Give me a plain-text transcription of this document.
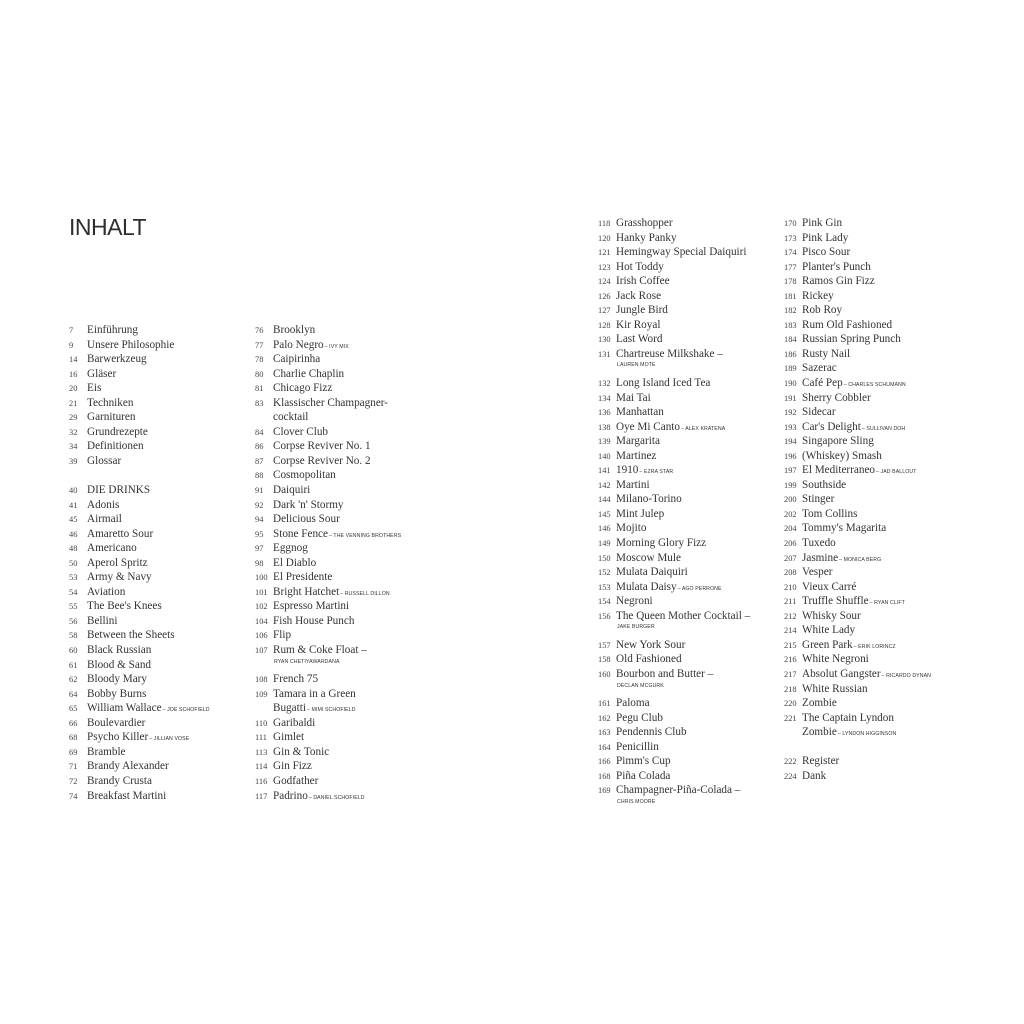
INHALT
7	Einführung
9	Unsere Philosophie
14 Barwerkzeug
16 Gläser
20 Eis
21 Techniken
29 Garnituren
32 Grundrezepte
34 Definitionen
39 Glossar
40 DIE DRINKS
41 Adonis
45 Airmail
46 Amaretto Sour
48 Americano
50 Aperol Spritz
53 Army & Navy
54 Aviation
55 The Bee's Knees
56 Bellini
58 Between the Sheets
60 Black Russian
61 Blood & Sand
62 Bloody Mary
64 Bobby Burns
65 William Wallace – JOE SCHOFIELD
66 Boulevardier
68 Psycho Killer – JILLIAN VOSE
69 Bramble
71 Brandy Alexander
72 Brandy Crusta
74 Breakfast Martini
76 Brooklyn
77 Palo Negro – IVY MIX
78 Caipirinha
80 Charlie Chaplin
81 Chicago Fizz
83 Klassischer Champagner-
cocktail
84 Clover Club
86 Corpse Reviver No. 1
87 Corpse Reviver No. 2
88 Cosmopolitan
91 Daiquiri
92 Dark 'n' Stormy
94 Delicious Sour
95 Stone Fence – THE VENNING BROTHERS
97 Eggnog
98 El Diablo
100 El Presidente
101 Bright Hatchet – RUSSELL DILLON
102 Espresso Martini
104 Fish House Punch
106 Flip
107 Rum & Coke Float –
RYAN CHETIYAWARDANA
108 French 75
109 Tamara in a Green
Bugatti – MIMI SCHOFIELD
110 Garibaldi
111 Gimlet
113 Gin & Tonic
114 Gin Fizz
116 Godfather
117 Padrino – DANIEL SCHOFIELD
118 Grasshopper
120 Hanky Panky
121 Hemingway Special Daiquiri
123 Hot Toddy
124 Irish Coffee
126 Jack Rose
127 Jungle Bird
128 Kir Royal
130 Last Word
131 Chartreuse Milkshake –
LAUREN MOTE
132 Long Island Iced Tea
134 Mai Tai
136 Manhattan
138 Oye Mi Canto – ALEX KRATENA
139 Margarita
140 Martinez
141 1910 – EZRA STAR
142 Martini
144 Milano-Torino
145 Mint Julep
146 Mojito
149 Morning Glory Fizz
150 Moscow Mule
152 Mulata Daiquiri
153 Mulata Daisy – AGO PERRONE
154 Negroni
156 The Queen Mother Cocktail –
JAKE BURGER
157 New York Sour
158 Old Fashioned
160 Bourbon and Butter –
DECLAN MCGURK
161 Paloma
162 Pegu Club
163 Pendennis Club
164 Penicillin
166 Pimm's Cup
168 Piña Colada
169 Champagner-Piña-Colada –
CHRIS MOORE
170 Pink Gin
173 Pink Lady
174 Pisco Sour
177 Planter's Punch
178 Ramos Gin Fizz
181 Rickey
182 Rob Roy
183 Rum Old Fashioned
184 Russian Spring Punch
186 Rusty Nail
189 Sazerac
190 Café Pep – CHARLES SCHUMANN
191 Sherry Cobbler
192 Sidecar
193 Car's Delight – SULLIVAN DOH
194 Singapore Sling
196 (Whiskey) Smash
197 El Mediterraneo – JAD BALLOUT
199 Southside
200 Stinger
202 Tom Collins
204 Tommy's Magarita
206 Tuxedo
207 Jasmine – MONICA BERG
208 Vesper
210 Vieux Carré
211 Truffle Shuffle – RYAN CLIFT
212 Whisky Sour
214 White Lady
215 Green Park – ERIK LORINCZ
216 White Negroni
217 Absolut Gangster – RICARDO DYNAN
218 White Russian
220 Zombie
221 The Captain Lyndon
Zombie – LYNDON HIGGINSON
222 Register
224 Dank
